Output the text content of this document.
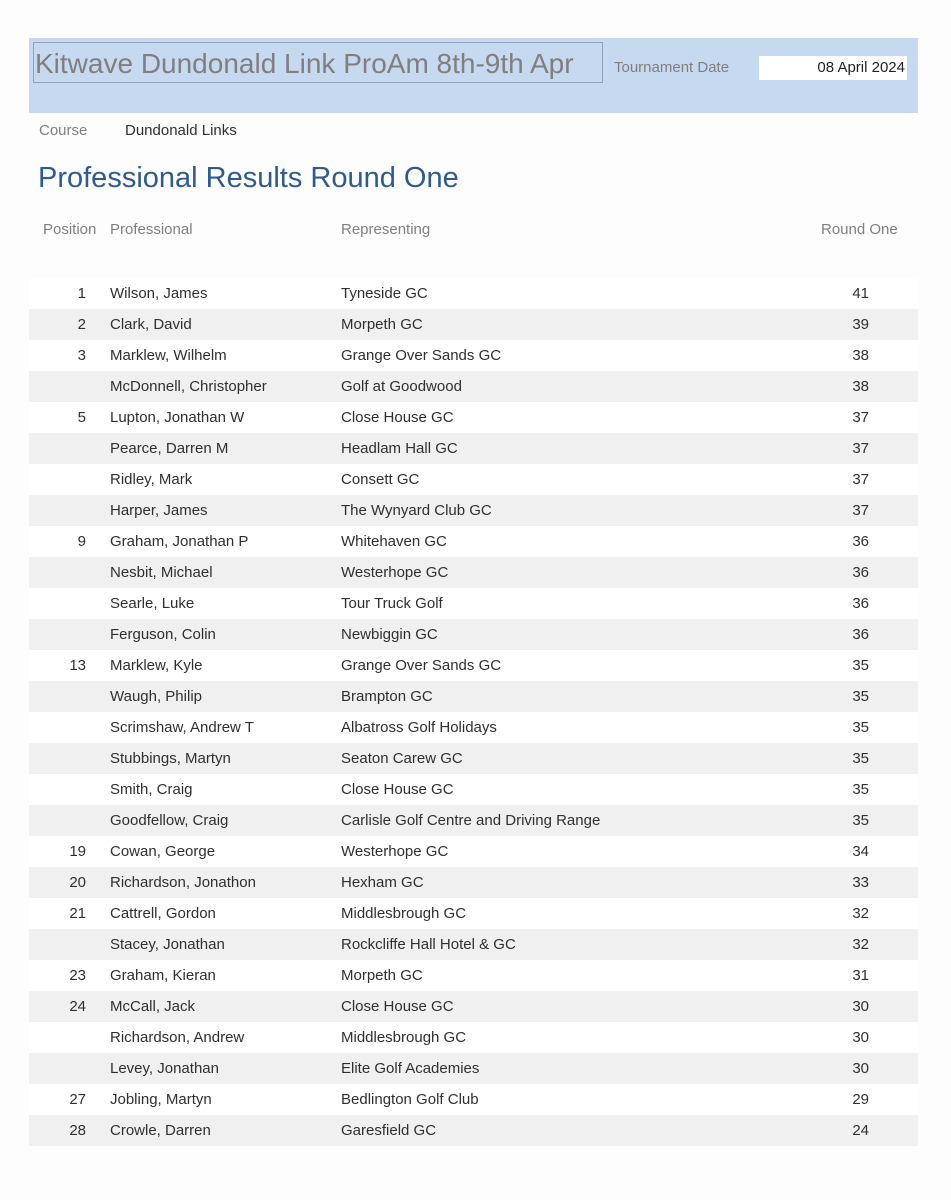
Kitwave Dundonald Link ProAm 8th-9th Apr	Tournament Date	08 April 2024
Course	Dundonald Links
Professional Results Round One
Position Professional	Representing	Round One
1 Wilson, James	Tyneside GC	41
2 Clark, David	Morpeth GC	39
3 Marklew, Wilhelm	Grange Over Sands GC	38
McDonnell, Christopher	Golf at Goodwood	38
5 Lupton, Jonathan W	Close House GC	37
Pearce, Darren M	Headlam Hall GC	37
Ridley, Mark	Consett GC	37
Harper, James	The Wynyard Club GC	37
9 Graham, Jonathan P	Whitehaven GC	36
Nesbit, Michael	Westerhope GC	36
Searle, Luke	Tour Truck Golf	36
Ferguson, Colin	Newbiggin GC	36
13 Marklew, Kyle	Grange Over Sands GC	35
Waugh, Philip	Brampton GC	35
Scrimshaw, Andrew T	Albatross Golf Holidays	35
Stubbings, Martyn	Seaton Carew GC	35
Smith, Craig	Close House GC	35
Goodfellow, Craig	Carlisle Golf Centre and Driving Range	35
19 Cowan, George	Westerhope GC	34
20 Richardson, Jonathon	Hexham GC	33
21 Cattrell, Gordon	Middlesbrough GC	32
Stacey, Jonathan	Rockcliffe Hall Hotel & GC	32
23 Graham, Kieran	Morpeth GC	31
24 McCall, Jack	Close House GC	30
Richardson, Andrew	Middlesbrough GC	30
Levey, Jonathan	Elite Golf Academies	30
27 Jobling, Martyn	Bedlington Golf Club	29
28 Crowle, Darren	Garesfield GC	24
